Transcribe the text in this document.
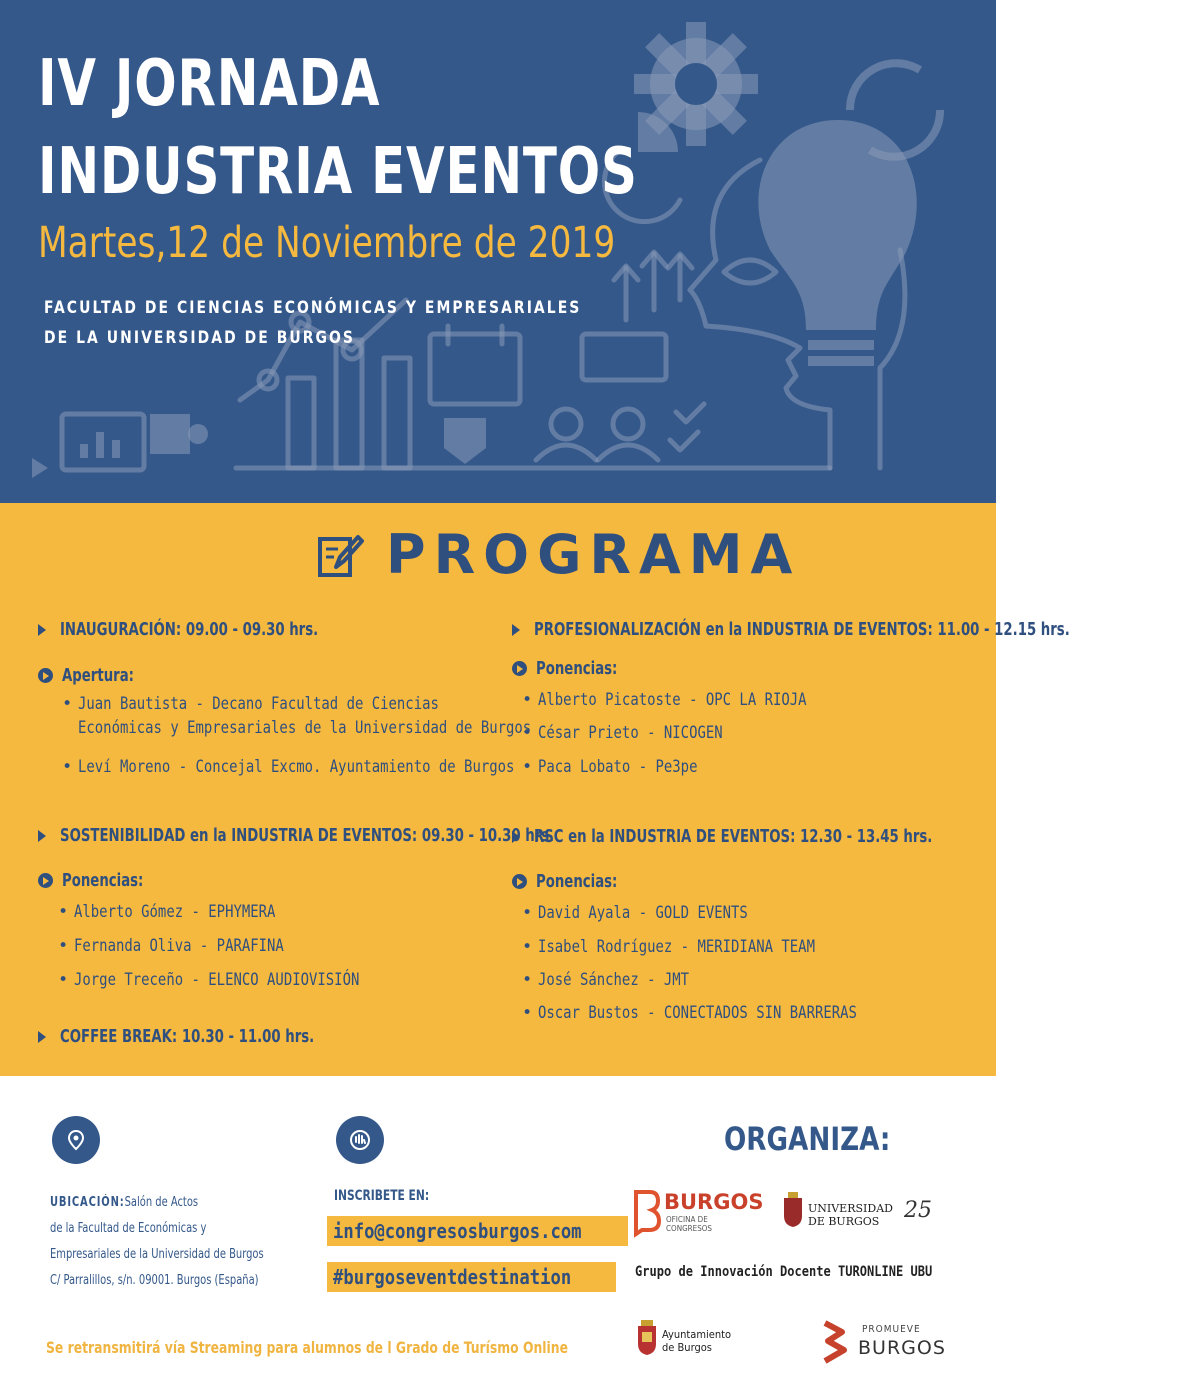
IV JORNADA
INDUSTRIA EVENTOS
Martes,12 de Noviembre de 2019
FACULTAD DE CIENCIAS ECONÓMICAS Y EMPRESARIALES
DE LA UNIVERSIDAD DE BURGOS
PROGRAMA
INAUGURACIÓN: 09.00 - 09.30 hrs.
Apertura:
• Juan Bautista - Decano Facultad de Ciencias
Económicas y Empresariales de la Universidad de Burgos
• Leví Moreno - Concejal Excmo. Ayuntamiento de Burgos
SOSTENIBILIDAD en la INDUSTRIA DE EVENTOS: 09.30 - 10.30 hrs.
Ponencias:
• Alberto Gómez - EPHYMERA
• Fernanda Oliva - PARAFINA
• Jorge Treceño - ELENCO AUDIOVISIÓN
COFFEE BREAK: 10.30 - 11.00 hrs.
PROFESIONALIZACIÓN en la INDUSTRIA DE EVENTOS: 11.00 - 12.15 hrs.
Ponencias:
• Alberto Picatoste - OPC LA RIOJA
• César Prieto - NICOGEN
• Paca Lobato - Pe3pe
RSC en la INDUSTRIA DE EVENTOS: 12.30 - 13.45 hrs.
Ponencias:
• David Ayala - GOLD EVENTS
• Isabel Rodríguez - MERIDIANA TEAM
• José Sánchez - JMT
• Oscar Bustos - CONECTADOS SIN BARRERAS
UBICACIÓN:Salón de Actos
de la Facultad de Económicas y
Empresariales de la Universidad de Burgos
C/ Parralillos, s/n. 09001. Burgos (España)
INSCRIBETE EN:
info@congresosburgos.com
#burgoseventdestination
Se retransmitirá vía Streaming para alumnos de l Grado de Turísmo Online
ORGANIZA:
BURGOS
OFICINA DE
CONGRESOS
UNIVERSIDAD
DE BURGOS 25
Grupo de Innovación Docente TURONLINE UBU
Ayuntamiento
de Burgos
PROMUEVE
BURGOS
